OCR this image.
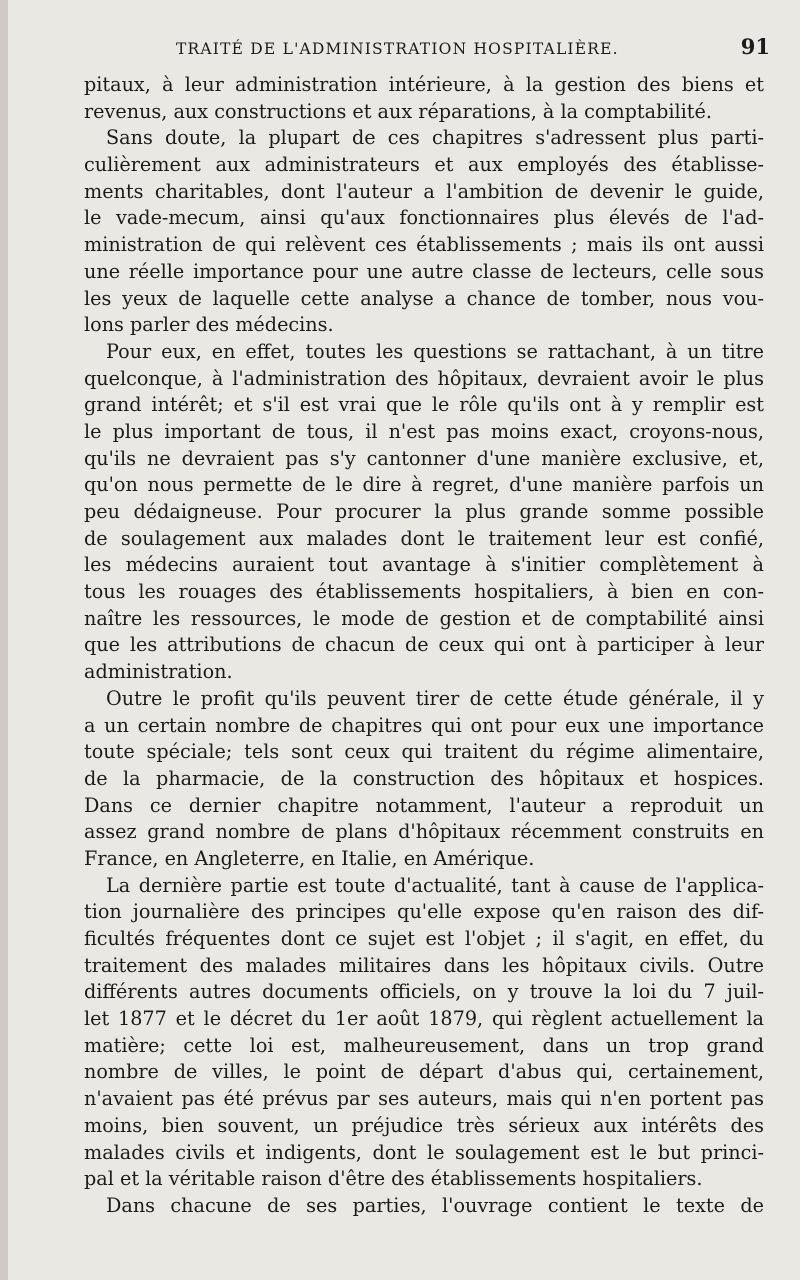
TRAITÉ DE L'ADMINISTRATION HOSPITALIÈRE.	91
pitaux, à leur administration intérieure, à la gestion des biens et
revenus, aux constructions et aux réparations, à la comptabilité.
Sans doute, la plupart de ces chapitres s'adressent plus parti-
culièrement aux administrateurs et aux employés des établisse-
ments charitables, dont l'auteur a l'ambition de devenir le guide,
le vade-mecum, ainsi qu'aux fonctionnaires plus élevés de l'ad-
ministration de qui relèvent ces établissements ; mais ils ont aussi
une réelle importance pour une autre classe de lecteurs, celle sous
les yeux de laquelle cette analyse a chance de tomber, nous vou-
lons parler des médecins.
Pour eux, en effet, toutes les questions se rattachant, à un titre
quelconque, à l'administration des hôpitaux, devraient avoir le plus
grand intérêt; et s'il est vrai que le rôle qu'ils ont à y remplir est
le plus important de tous, il n'est pas moins exact, croyons-nous,
qu'ils ne devraient pas s'y cantonner d'une manière exclusive, et,
qu'on nous permette de le dire à regret, d'une manière parfois un
peu dédaigneuse. Pour procurer la plus grande somme possible
de soulagement aux malades dont le traitement leur est confié,
les médecins auraient tout avantage à s'initier complètement à
tous les rouages des établissements hospitaliers, à bien en con-
naître les ressources, le mode de gestion et de comptabilité ainsi
que les attributions de chacun de ceux qui ont à participer à leur
administration.
Outre le profit qu'ils peuvent tirer de cette étude générale, il y
a un certain nombre de chapitres qui ont pour eux une importance
toute spéciale; tels sont ceux qui traitent du régime alimentaire,
de la pharmacie, de la construction des hôpitaux et hospices.
Dans ce dernier chapitre notamment, l'auteur a reproduit un
assez grand nombre de plans d'hôpitaux récemment construits en
France, en Angleterre, en Italie, en Amérique.
La dernière partie est toute d'actualité, tant à cause de l'applica-
tion journalière des principes qu'elle expose qu'en raison des dif-
ficultés fréquentes dont ce sujet est l'objet ; il s'agit, en effet, du
traitement des malades militaires dans les hôpitaux civils. Outre
différents autres documents officiels, on y trouve la loi du 7 juil-
let 1877 et le décret du 1er août 1879, qui règlent actuellement la
matière; cette loi est, malheureusement, dans un trop grand
nombre de villes, le point de départ d'abus qui, certainement,
n'avaient pas été prévus par ses auteurs, mais qui n'en portent pas
moins, bien souvent, un préjudice très sérieux aux intérêts des
malades civils et indigents, dont le soulagement est le but princi-
pal et la véritable raison d'être des établissements hospitaliers.
Dans chacune de ses parties, l'ouvrage contient le texte de
